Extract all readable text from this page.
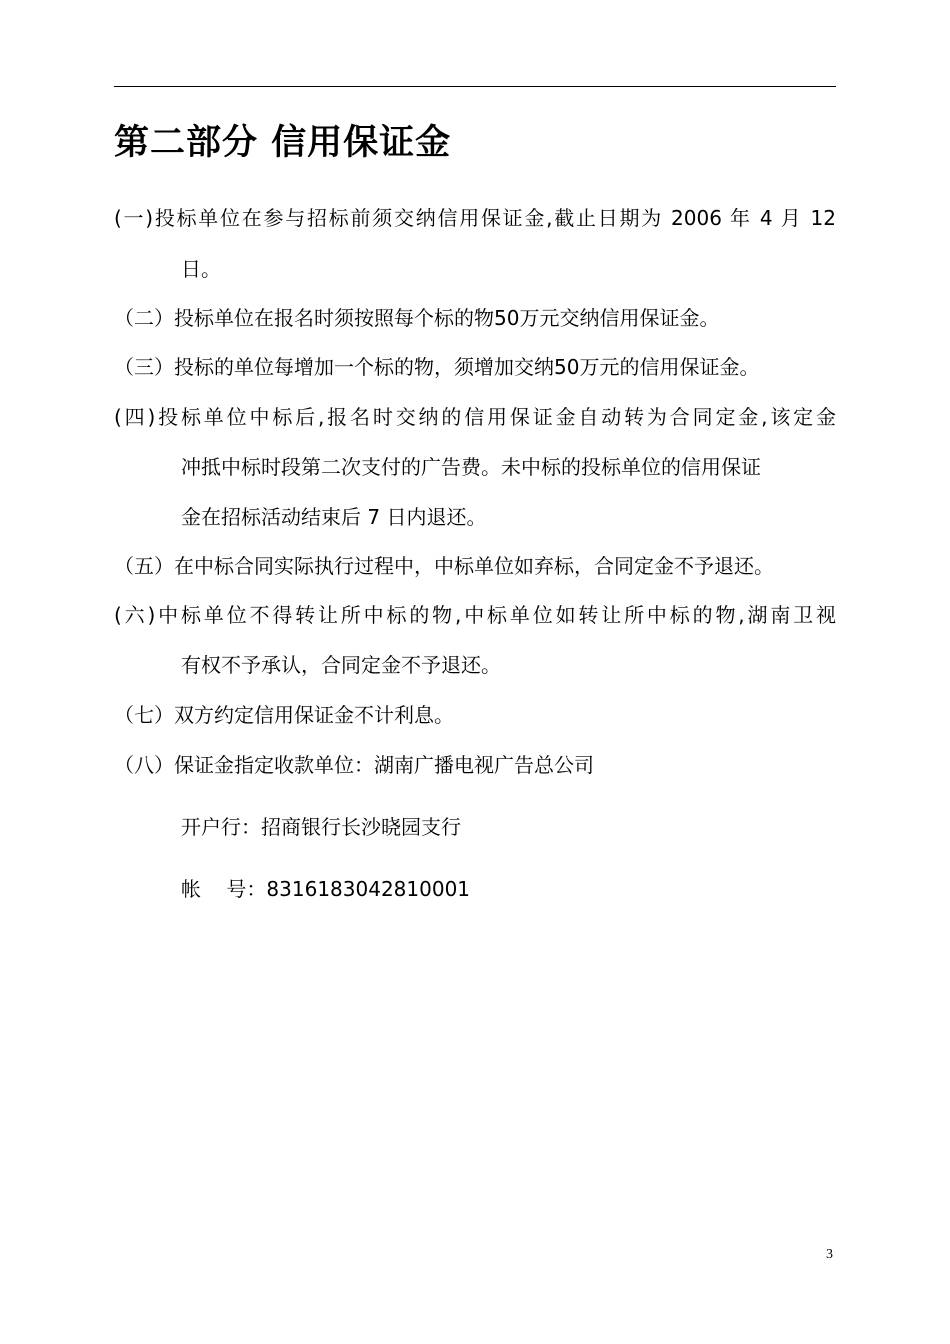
第二部分 信用保证金
(一)投标单位在参与招标前须交纳信用保证金,截止日期为 2006 年 4 月 12
日。
（二）投标单位在报名时须按照每个标的物50万元交纳信用保证金。
（三）投标的单位每增加一个标的物，须增加交纳50万元的信用保证金。
(四)投标单位中标后,报名时交纳的信用保证金自动转为合同定金,该定金
冲抵中标时段第二次支付的广告费。未中标的投标单位的信用保证
金在招标活动结束后 7 日内退还。
（五）在中标合同实际执行过程中，中标单位如弃标，合同定金不予退还。
(六)中标单位不得转让所中标的物,中标单位如转让所中标的物,湖南卫视
有权不予承认，合同定金不予退还。
（七）双方约定信用保证金不计利息。
（八）保证金指定收款单位：湖南广播电视广告总公司
开户行：招商银行长沙晓园支行
帐    号：8316183042810001
3
